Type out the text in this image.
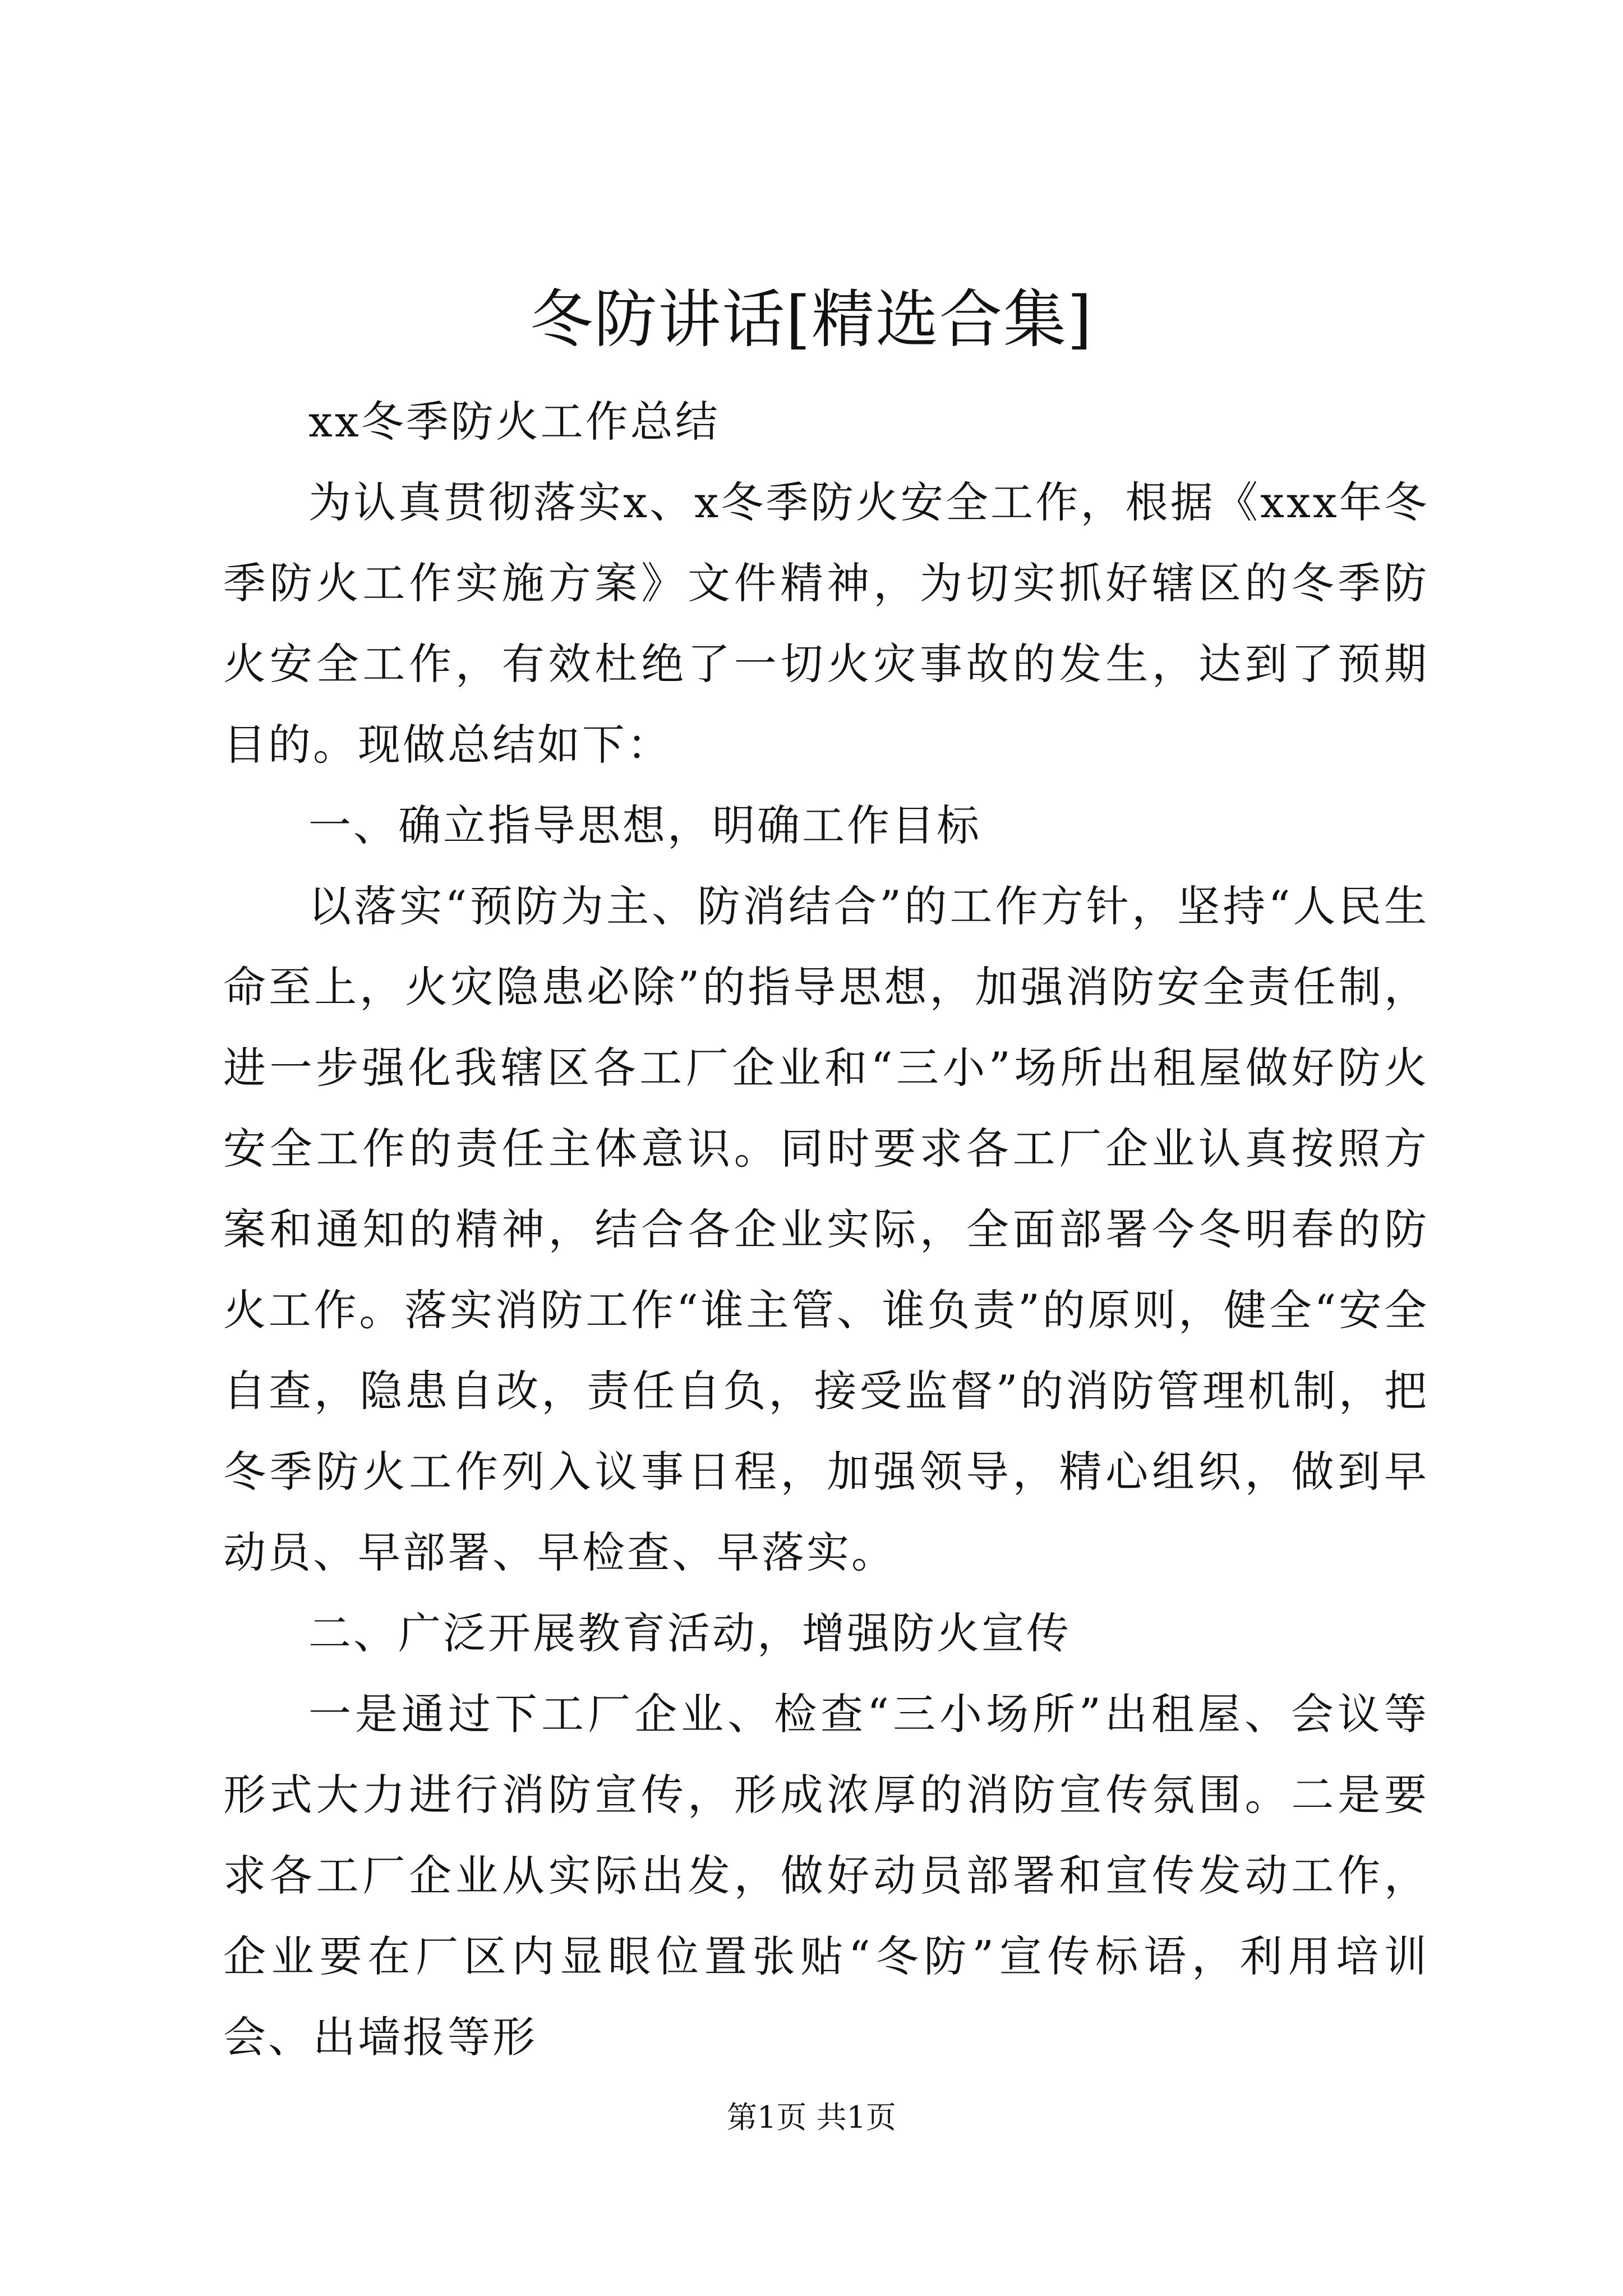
冬防讲话[精选合集]

xx冬季防火工作总结

为认真贯彻落实x、x冬季防火安全工作，根据《xxx年冬季防火工作实施方案》文件精神，为切实抓好辖区的冬季防火安全工作，有效杜绝了一切火灾事故的发生，达到了预期目的。现做总结如下：

一、确立指导思想，明确工作目标

以落实“预防为主、防消结合”的工作方针，坚持“人民生命至上，火灾隐患必除”的指导思想，加强消防安全责任制，进一步强化我辖区各工厂企业和“三小”场所出租屋做好防火安全工作的责任主体意识。同时要求各工厂企业认真按照方案和通知的精神，结合各企业实际，全面部署今冬明春的防火工作。落实消防工作“谁主管、谁负责”的原则，健全“安全自查，隐患自改，责任自负，接受监督”的消防管理机制，把冬季防火工作列入议事日程，加强领导，精心组织，做到早动员、早部署、早检查、早落实。

二、广泛开展教育活动，增强防火宣传

一是通过下工厂企业、检查“三小场所”出租屋、会议等形式大力进行消防宣传，形成浓厚的消防宣传氛围。二是要求各工厂企业从实际出发，做好动员部署和宣传发动工作，企业要在厂区内显眼位置张贴“冬防”宣传标语，利用培训会、出墙报等形

第1页 共1页
